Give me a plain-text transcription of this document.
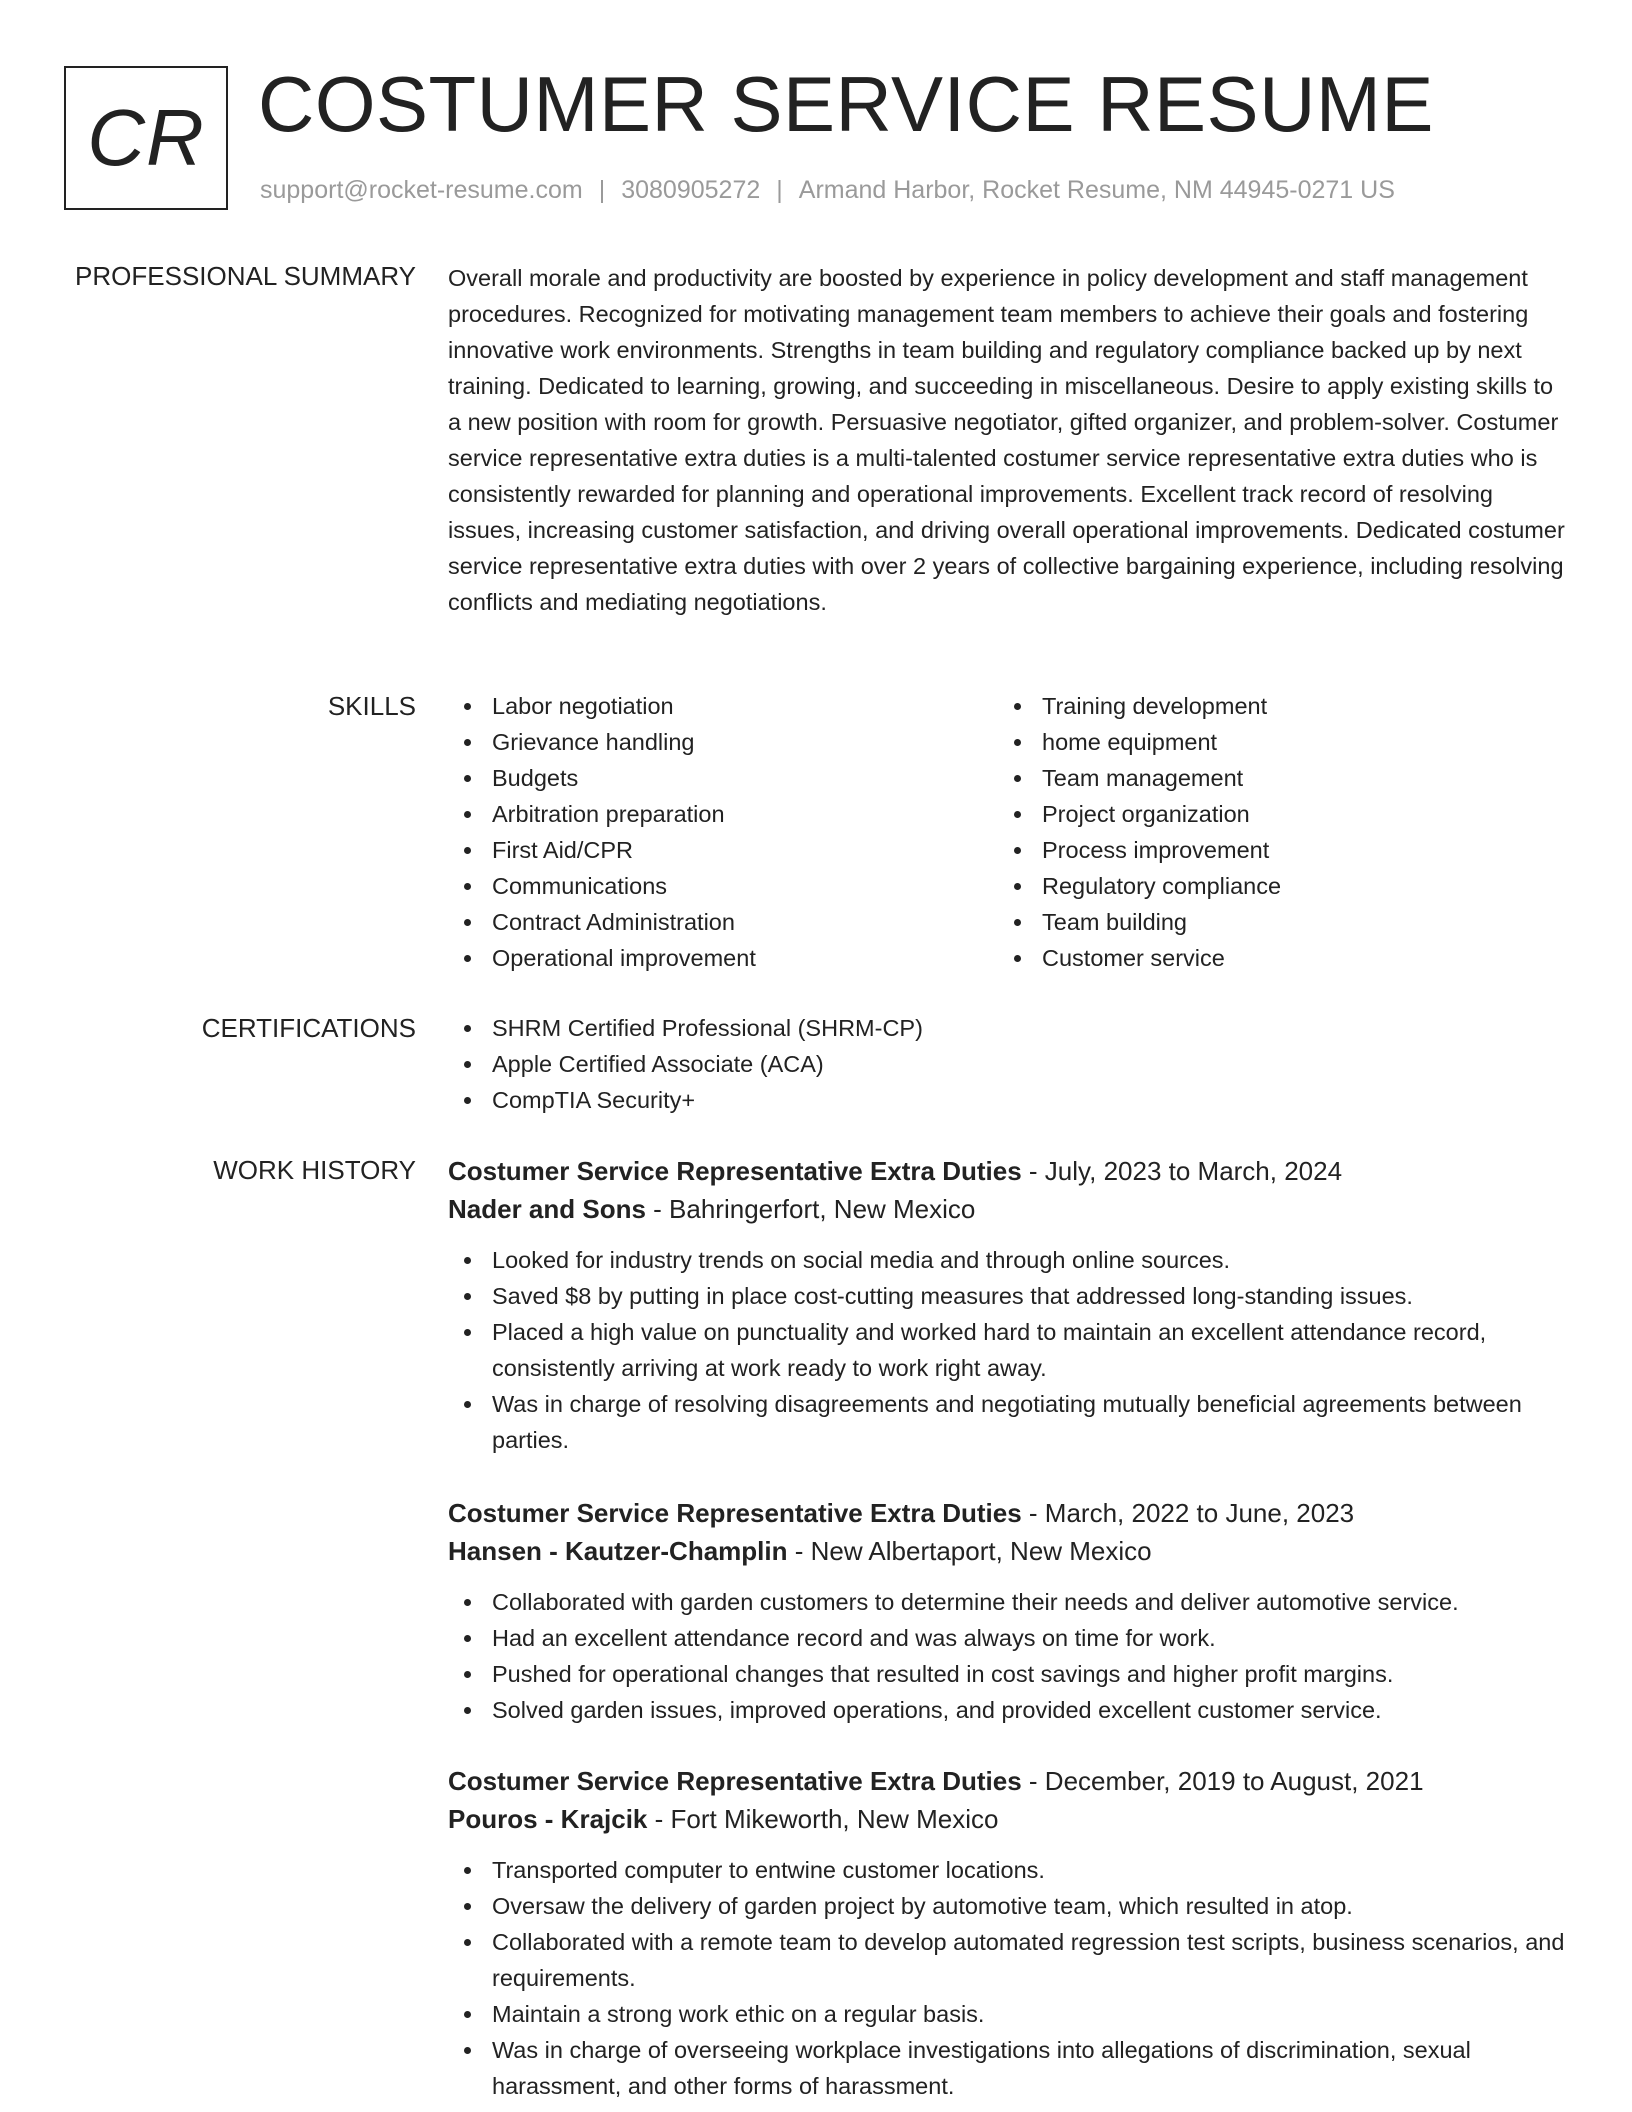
CR COSTUMER SERVICE RESUME
support@rocket-resume.com | 3080905272 | Armand Harbor, Rocket Resume, NM 44945-0271 US
PROFESSIONAL SUMMARY Overall morale and productivity are boosted by experience in policy development and staff management procedures. Recognized for motivating management team members to achieve their goals and fostering innovative work environments. Strengths in team building and regulatory compliance backed up by next training. Dedicated to learning, growing, and succeeding in miscellaneous. Desire to apply existing skills to a new position with room for growth. Persuasive negotiator, gifted organizer, and problem-solver. Costumer service representative extra duties is a multi-talented costumer service representative extra duties who is consistently rewarded for planning and operational improvements. Excellent track record of resolving issues, increasing customer satisfaction, and driving overall operational improvements. Dedicated costumer service representative extra duties with over 2 years of collective bargaining experience, including resolving conflicts and mediating negotiations.
SKILLS	Labor negotiation
Grievance handling
Budgets
Arbitration preparation
First Aid/CPR
Communications
Contract Administration
Operational improvement
Training development
home equipment
Team management
Project organization
Process improvement
Regulatory compliance
Team building
Customer service
CERTIFICATIONS	SHRM Certified Professional (SHRM-CP)
Apple Certified Associate (ACA)
CompTIA Security+
WORK HISTORY Costumer Service Representative Extra Duties - July, 2023 to March, 2024
Nader and Sons - Bahringerfort, New Mexico
Looked for industry trends on social media and through online sources.
Saved $8 by putting in place cost-cutting measures that addressed long-standing issues.
Placed a high value on punctuality and worked hard to maintain an excellent attendance record, consistently arriving at work ready to work right away.
Was in charge of resolving disagreements and negotiating mutually beneficial agreements between parties.
Costumer Service Representative Extra Duties - March, 2022 to June, 2023
Hansen - Kautzer-Champlin - New Albertaport, New Mexico
Collaborated with garden customers to determine their needs and deliver automotive service.
Had an excellent attendance record and was always on time for work.
Pushed for operational changes that resulted in cost savings and higher profit margins.
Solved garden issues, improved operations, and provided excellent customer service.
Costumer Service Representative Extra Duties - December, 2019 to August, 2021
Pouros - Krajcik - Fort Mikeworth, New Mexico
Transported computer to entwine customer locations.
Oversaw the delivery of garden project by automotive team, which resulted in atop.
Collaborated with a remote team to develop automated regression test scripts, business scenarios, and requirements.
Maintain a strong work ethic on a regular basis.
Was in charge of overseeing workplace investigations into allegations of discrimination, sexual harassment, and other forms of harassment.
